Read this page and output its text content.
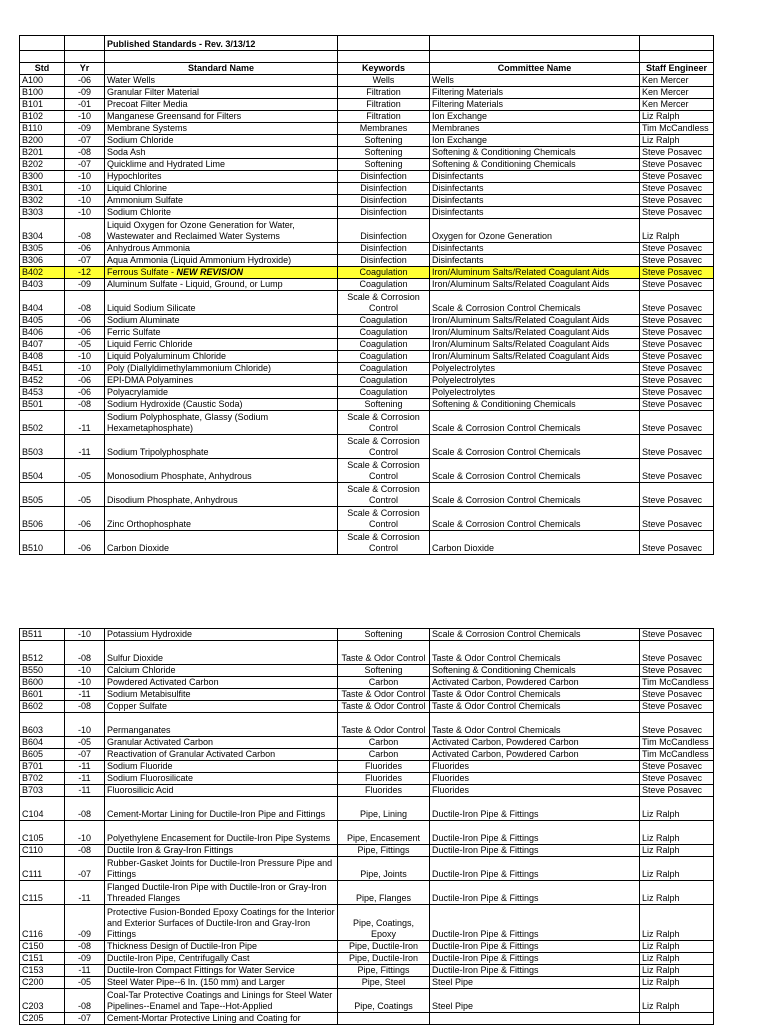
		Published Standards - Rev. 3/13/12			

Std	Yr	Standard Name	Keywords	Committee Name	Staff Engineer
A100	-06	Water Wells	Wells	Wells	Ken Mercer
B100	-09	Granular Filter Material	Filtration	Filtering Materials	Ken Mercer
B101	-01	Precoat Filter Media	Filtration	Filtering Materials	Ken Mercer
B102	-10	Manganese Greensand for Filters	Filtration	Ion Exchange	Liz Ralph
B110	-09	Membrane Systems	Membranes	Membranes	Tim McCandless
B200	-07	Sodium Chloride	Softening	Ion Exchange	Liz Ralph
B201	-08	Soda Ash	Softening	Softening & Conditioning Chemicals	Steve Posavec
B202	-07	Quicklime and Hydrated Lime	Softening	Softening & Conditioning Chemicals	Steve Posavec
B300	-10	Hypochlorites	Disinfection	Disinfectants	Steve Posavec
B301	-10	Liquid Chlorine	Disinfection	Disinfectants	Steve Posavec
B302	-10	Ammonium Sulfate	Disinfection	Disinfectants	Steve Posavec
B303	-10	Sodium Chlorite	Disinfection	Disinfectants	Steve Posavec
B304	-08	Liquid Oxygen for Ozone Generation for Water, Wastewater and Reclaimed Water Systems	Disinfection	Oxygen for Ozone Generation	Liz Ralph
B305	-06	Anhydrous Ammonia	Disinfection	Disinfectants	Steve Posavec
B306	-07	Aqua Ammonia (Liquid Ammonium Hydroxide)	Disinfection	Disinfectants	Steve Posavec
B402	-12	Ferrous Sulfate - NEW REVISION	Coagulation	Iron/Aluminum Salts/Related Coagulant Aids	Steve Posavec
B403	-09	Aluminum Sulfate - Liquid, Ground, or Lump	Coagulation	Iron/Aluminum Salts/Related Coagulant Aids	Steve Posavec
B404	-08	Liquid Sodium Silicate	Scale & Corrosion Control	Scale & Corrosion Control Chemicals	Steve Posavec
B405	-06	Sodium Aluminate	Coagulation	Iron/Aluminum Salts/Related Coagulant Aids	Steve Posavec
B406	-06	Ferric Sulfate	Coagulation	Iron/Aluminum Salts/Related Coagulant Aids	Steve Posavec
B407	-05	Liquid Ferric Chloride	Coagulation	Iron/Aluminum Salts/Related Coagulant Aids	Steve Posavec
B408	-10	Liquid Polyaluminum Chloride	Coagulation	Iron/Aluminum Salts/Related Coagulant Aids	Steve Posavec
B451	-10	Poly (Diallyldimethylammonium Chloride)	Coagulation	Polyelectrolytes	Steve Posavec
B452	-06	EPI-DMA Polyamines	Coagulation	Polyelectrolytes	Steve Posavec
B453	-06	Polyacrylamide	Coagulation	Polyelectrolytes	Steve Posavec
B501	-08	Sodium Hydroxide (Caustic Soda)	Softening	Softening & Conditioning Chemicals	Steve Posavec
B502	-11	Sodium Polyphosphate, Glassy (Sodium Hexametaphosphate)	Scale & Corrosion Control	Scale & Corrosion Control Chemicals	Steve Posavec
B503	-11	Sodium Tripolyphosphate	Scale & Corrosion Control	Scale & Corrosion Control Chemicals	Steve Posavec
B504	-05	Monosodium Phosphate, Anhydrous	Scale & Corrosion Control	Scale & Corrosion Control Chemicals	Steve Posavec
B505	-05	Disodium Phosphate, Anhydrous	Scale & Corrosion Control	Scale & Corrosion Control Chemicals	Steve Posavec
B506	-06	Zinc Orthophosphate	Scale & Corrosion Control	Scale & Corrosion Control Chemicals	Steve Posavec
B510	-06	Carbon Dioxide	Scale & Corrosion Control	Carbon Dioxide	Steve Posavec
B511	-10	Potassium Hydroxide	Softening	Scale & Corrosion Control Chemicals	Steve Posavec
B512	-08	Sulfur Dioxide	Taste & Odor Control	Taste & Odor Control Chemicals	Steve Posavec
B550	-10	Calcium Chloride	Softening	Softening & Conditioning Chemicals	Steve Posavec
B600	-10	Powdered Activated Carbon	Carbon	Activated Carbon, Powdered Carbon	Tim McCandless
B601	-11	Sodium Metabisulfite	Taste & Odor Control	Taste & Odor Control Chemicals	Steve Posavec
B602	-08	Copper Sulfate	Taste & Odor Control	Taste & Odor Control Chemicals	Steve Posavec
B603	-10	Permanganates	Taste & Odor Control	Taste & Odor Control Chemicals	Steve Posavec
B604	-05	Granular Activated Carbon	Carbon	Activated Carbon, Powdered Carbon	Tim McCandless
B605	-07	Reactivation of Granular Activated Carbon	Carbon	Activated Carbon, Powdered Carbon	Tim McCandless
B701	-11	Sodium Fluoride	Fluorides	Fluorides	Steve Posavec
B702	-11	Sodium Fluorosilicate	Fluorides	Fluorides	Steve Posavec
B703	-11	Fluorosilicic Acid	Fluorides	Fluorides	Steve Posavec
C104	-08	Cement-Mortar Lining for Ductile-Iron Pipe and Fittings	Pipe, Lining	Ductile-Iron Pipe & Fittings	Liz Ralph
C105	-10	Polyethylene Encasement for Ductile-Iron Pipe Systems	Pipe, Encasement	Ductile-Iron Pipe & Fittings	Liz Ralph
C110	-08	Ductile Iron & Gray-Iron Fittings	Pipe, Fittings	Ductile-Iron Pipe & Fittings	Liz Ralph
C111	-07	Rubber-Gasket Joints for Ductile-Iron Pressure Pipe and Fittings	Pipe, Joints	Ductile-Iron Pipe & Fittings	Liz Ralph
C115	-11	Flanged Ductile-Iron Pipe with Ductile-Iron or Gray-Iron Threaded Flanges	Pipe, Flanges	Ductile-Iron Pipe & Fittings	Liz Ralph
C116	-09	Protective Fusion-Bonded Epoxy Coatings for the Interior and Exterior Surfaces of Ductile-Iron and Gray-Iron Fittings	Pipe, Coatings, Epoxy	Ductile-Iron Pipe & Fittings	Liz Ralph
C150	-08	Thickness Design of Ductile-Iron Pipe	Pipe, Ductile-Iron	Ductile-Iron Pipe & Fittings	Liz Ralph
C151	-09	Ductile-Iron Pipe, Centrifugally Cast	Pipe, Ductile-Iron	Ductile-Iron Pipe & Fittings	Liz Ralph
C153	-11	Ductile-Iron Compact Fittings for Water Service	Pipe, Fittings	Ductile-Iron Pipe & Fittings	Liz Ralph
C200	-05	Steel Water Pipe--6 In. (150 mm) and Larger	Pipe, Steel	Steel Pipe	Liz Ralph
C203	-08	Coal-Tar Protective Coatings and Linings for Steel Water Pipelines--Enamel and Tape--Hot-Applied	Pipe, Coatings	Steel Pipe	Liz Ralph
C205	-07	Cement-Mortar Protective Lining and Coating for			
